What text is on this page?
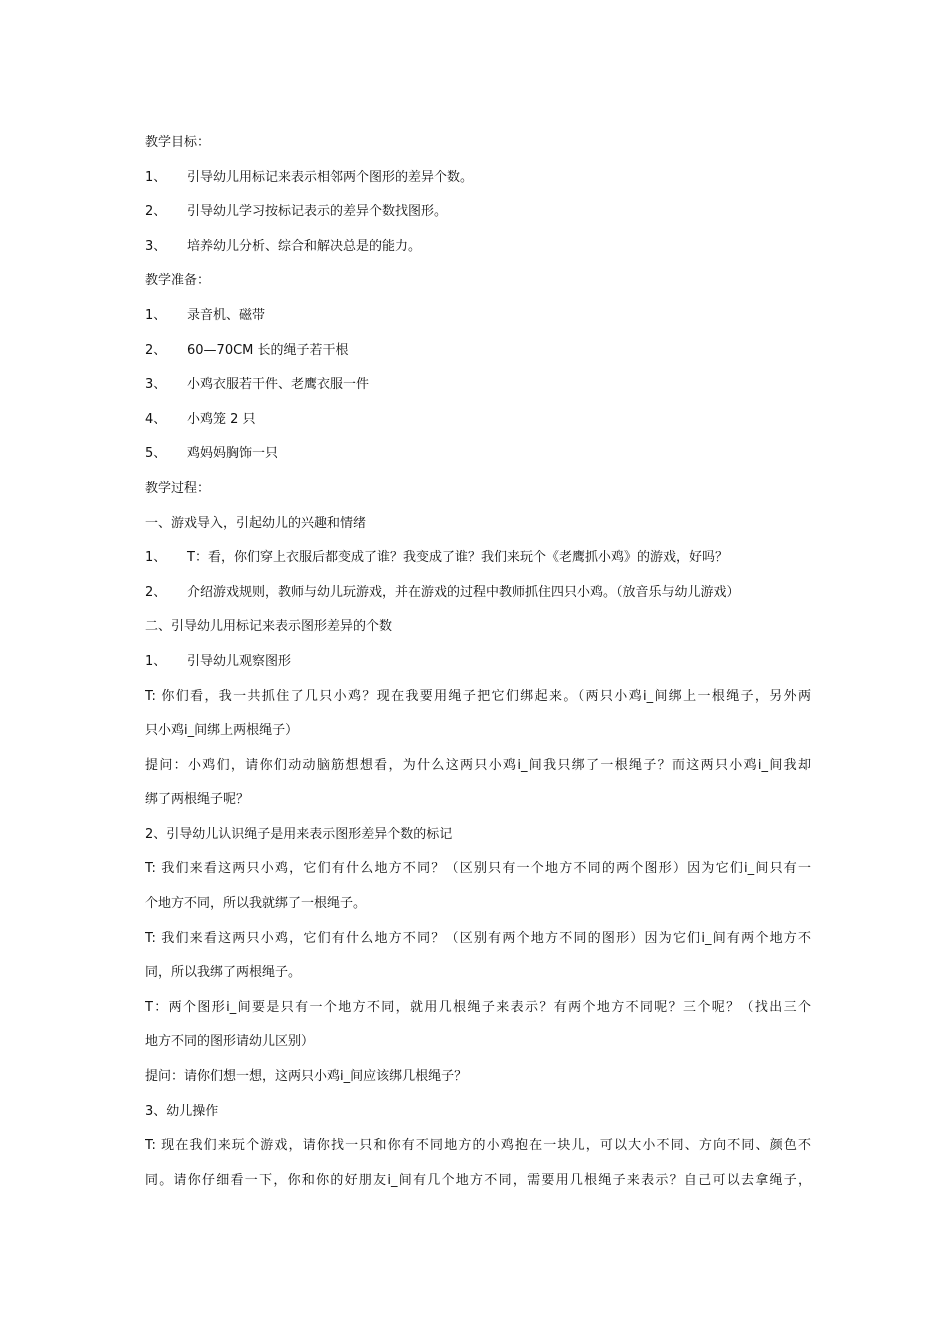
教学目标：
1、 引导幼儿用标记来表示相邻两个图形的差异个数。
2、 引导幼儿学习按标记表示的差异个数找图形。
3、 培养幼儿分析、综合和解决总是的能力。
教学准备：
1、 录音机、磁带
2、 60—70CM 长的绳子若干根
3、 小鸡衣服若干件、老鹰衣服一件
4、 小鸡笼 2 只
5、 鸡妈妈胸饰一只
教学过程：
一、游戏导入，引起幼儿的兴趣和情绪
1、 T：看，你们穿上衣服后都变成了谁？我变成了谁？我们来玩个《老鹰抓小鸡》的游戏，好吗？
2、 介绍游戏规则，教师与幼儿玩游戏，并在游戏的过程中教师抓住四只小鸡。（放音乐与幼儿游戏）
二、引导幼儿用标记来表示图形差异的个数
1、 引导幼儿观察图形
T: 你们看，我一共抓住了几只小鸡？现在我要用绳子把它们绑起来。（两只小鸡i_间绑上一根绳子，另外两
只小鸡i_间绑上两根绳子）
提问：小鸡们，请你们动动脑筋想想看，为什么这两只小鸡i_间我只绑了一根绳子？而这两只小鸡i_间我却
绑了两根绳子呢？
2、引导幼儿认识绳子是用来表示图形差异个数的标记
T: 我们来看这两只小鸡，它们有什么地方不同？（区别只有一个地方不同的两个图形）因为它们i_间只有一
个地方不同，所以我就绑了一根绳子。
T: 我们来看这两只小鸡，它们有什么地方不同？（区别有两个地方不同的图形）因为它们i_间有两个地方不
同，所以我绑了两根绳子。
T：两个图形i_间要是只有一个地方不同，就用几根绳子来表示？有两个地方不同呢？三个呢？（找出三个
地方不同的图形请幼儿区别）
提问：请你们想一想，这两只小鸡i_间应该绑几根绳子？
3、幼儿操作
T: 现在我们来玩个游戏，请你找一只和你有不同地方的小鸡抱在一块儿，可以大小不同、方向不同、颜色不
同。请你仔细看一下，你和你的好朋友i_间有几个地方不同，需要用几根绳子来表示？自己可以去拿绳子，
